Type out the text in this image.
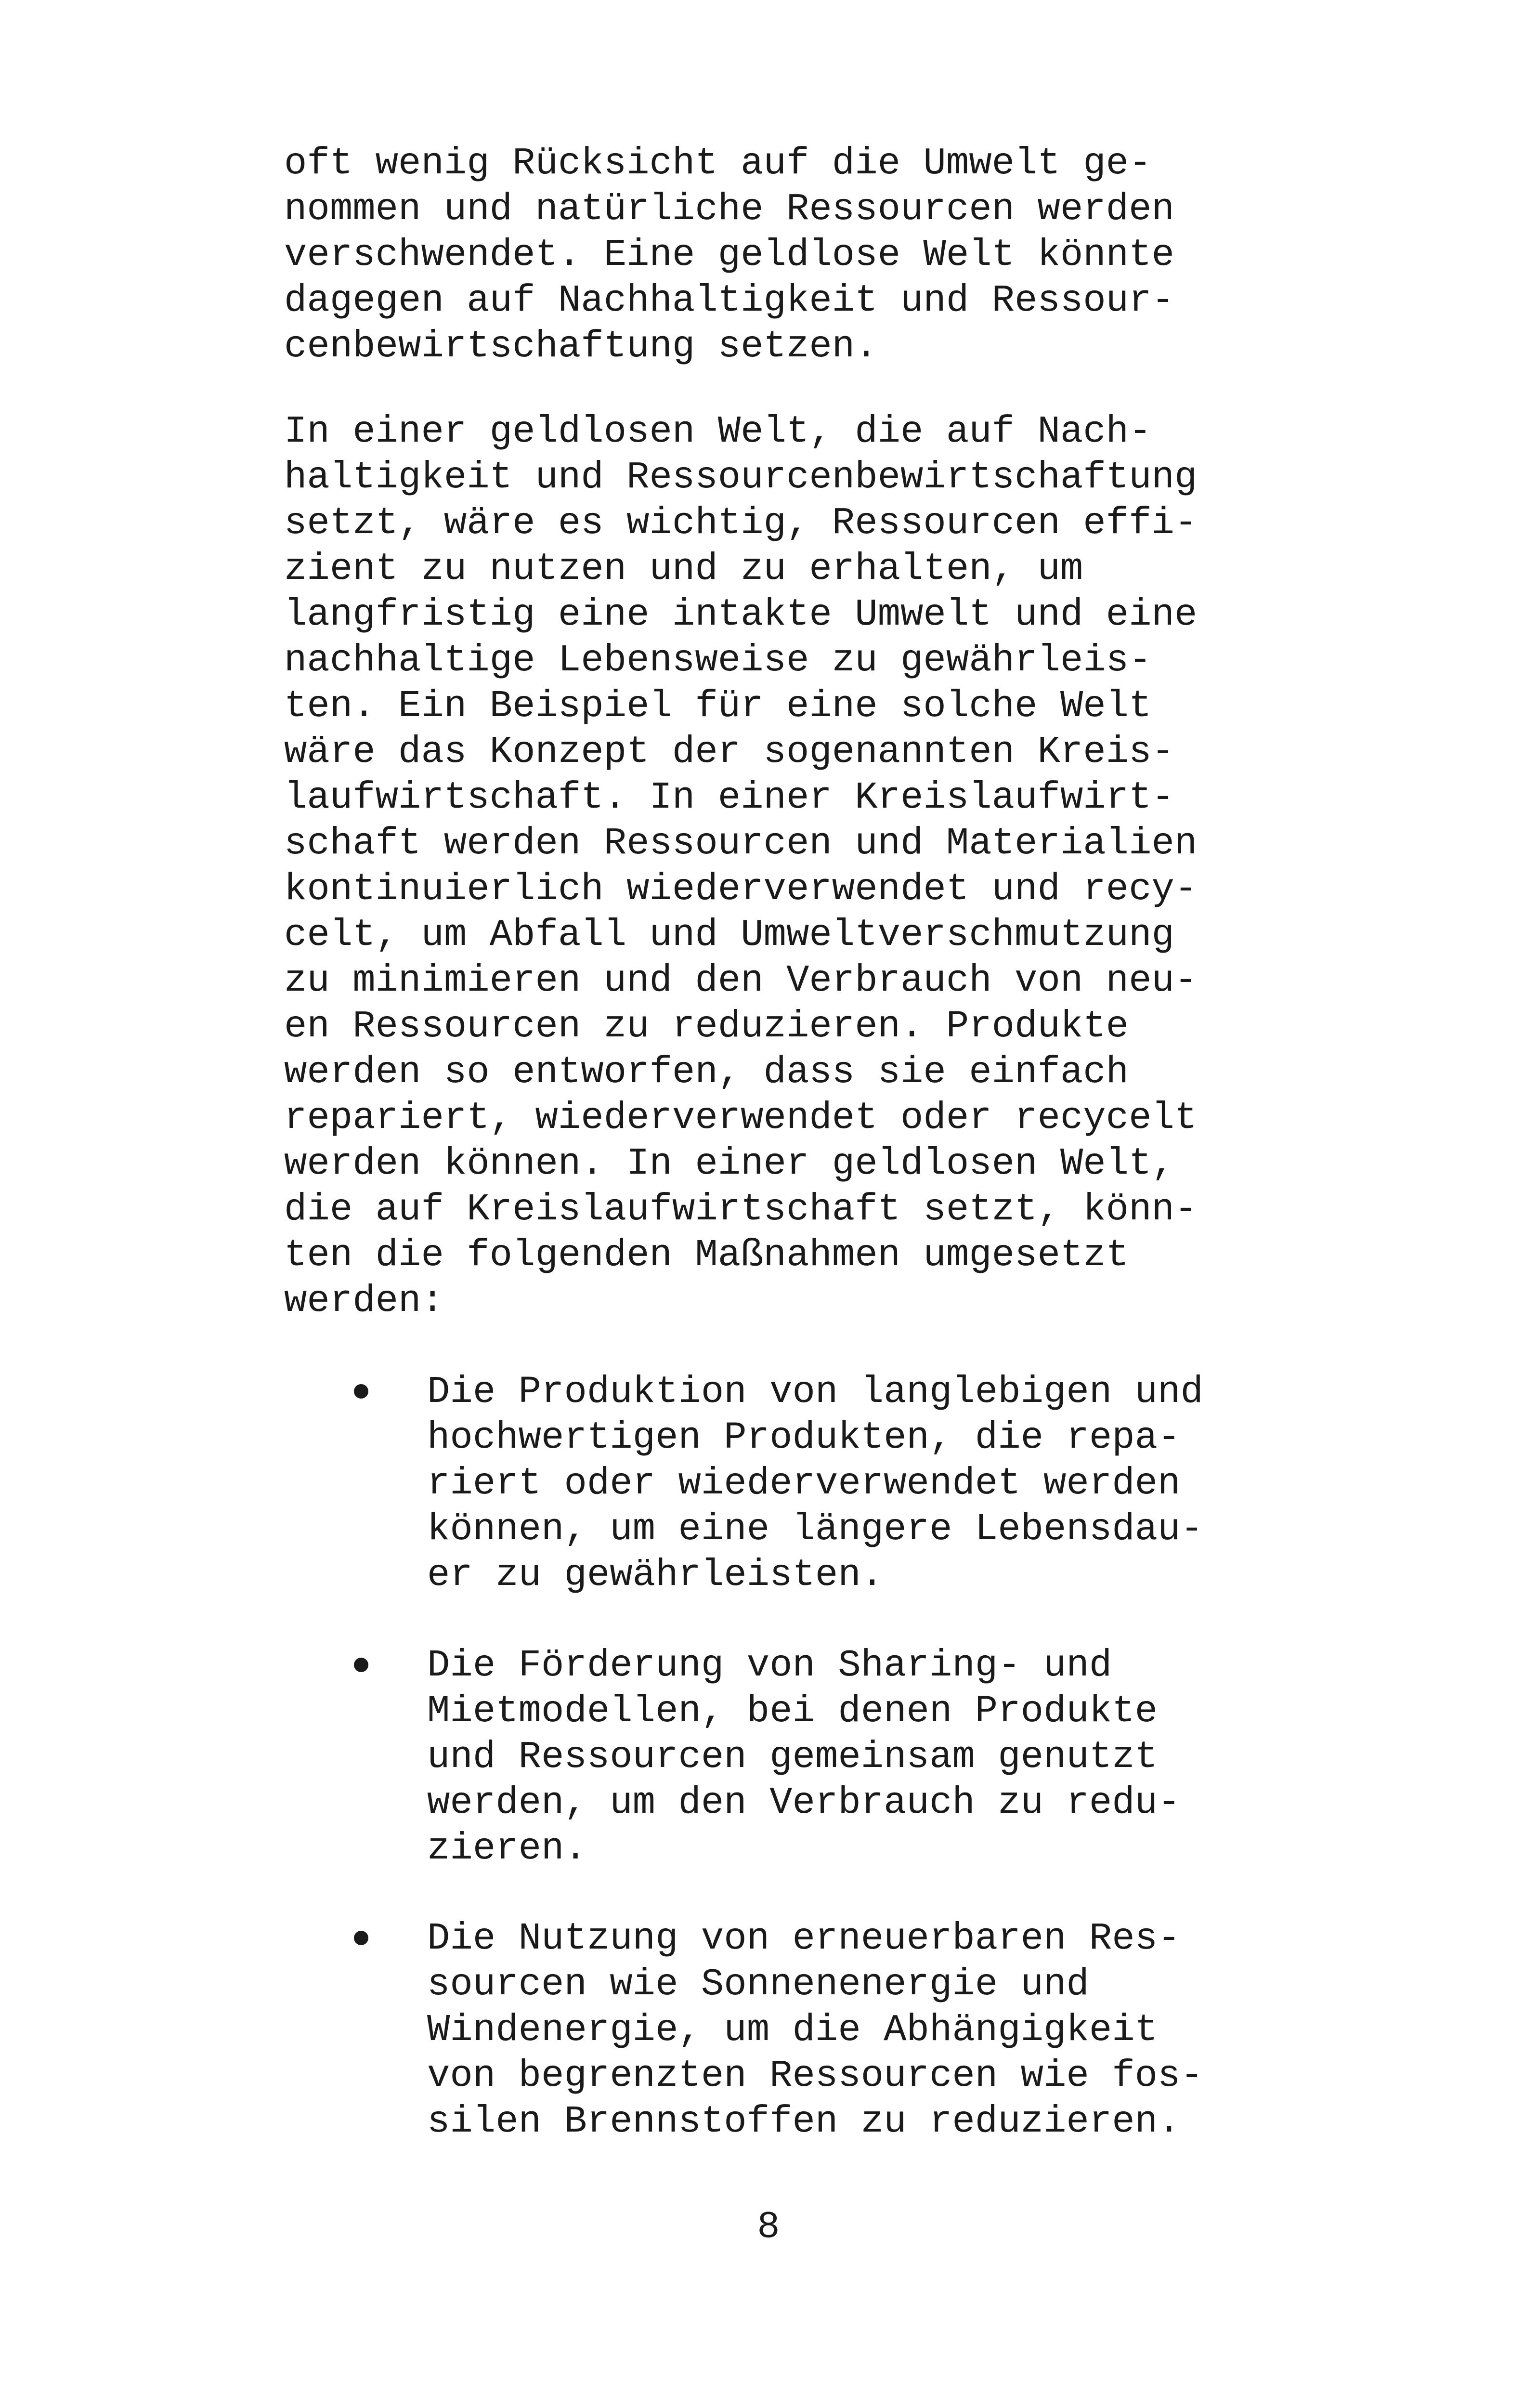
oft wenig Rücksicht auf die Umwelt ge-
nommen und natürliche Ressourcen werden
verschwendet. Eine geldlose Welt könnte
dagegen auf Nachhaltigkeit und Ressour-
cenbewirtschaftung setzen.
In einer geldlosen Welt, die auf Nach-
haltigkeit und Ressourcenbewirtschaftung
setzt, wäre es wichtig, Ressourcen effi-
zient zu nutzen und zu erhalten, um
langfristig eine intakte Umwelt und eine
nachhaltige Lebensweise zu gewährleis-
ten. Ein Beispiel für eine solche Welt
wäre das Konzept der sogenannten Kreis-
laufwirtschaft. In einer Kreislaufwirt-
schaft werden Ressourcen und Materialien
kontinuierlich wiederverwendet und recy-
celt, um Abfall und Umweltverschmutzung
zu minimieren und den Verbrauch von neu-
en Ressourcen zu reduzieren. Produkte
werden so entworfen, dass sie einfach
repariert, wiederverwendet oder recycelt
werden können. In einer geldlosen Welt,
die auf Kreislaufwirtschaft setzt, könn-
ten die folgenden Maßnahmen umgesetzt
werden:
Die Produktion von langlebigen und
hochwertigen Produkten, die repa-
riert oder wiederverwendet werden
können, um eine längere Lebensdau-
er zu gewährleisten.
Die Förderung von Sharing- und
Mietmodellen, bei denen Produkte
und Ressourcen gemeinsam genutzt
werden, um den Verbrauch zu redu-
zieren.
Die Nutzung von erneuerbaren Res-
sourcen wie Sonnenenergie und
Windenergie, um die Abhängigkeit
von begrenzten Ressourcen wie fos-
silen Brennstoffen zu reduzieren.
8
